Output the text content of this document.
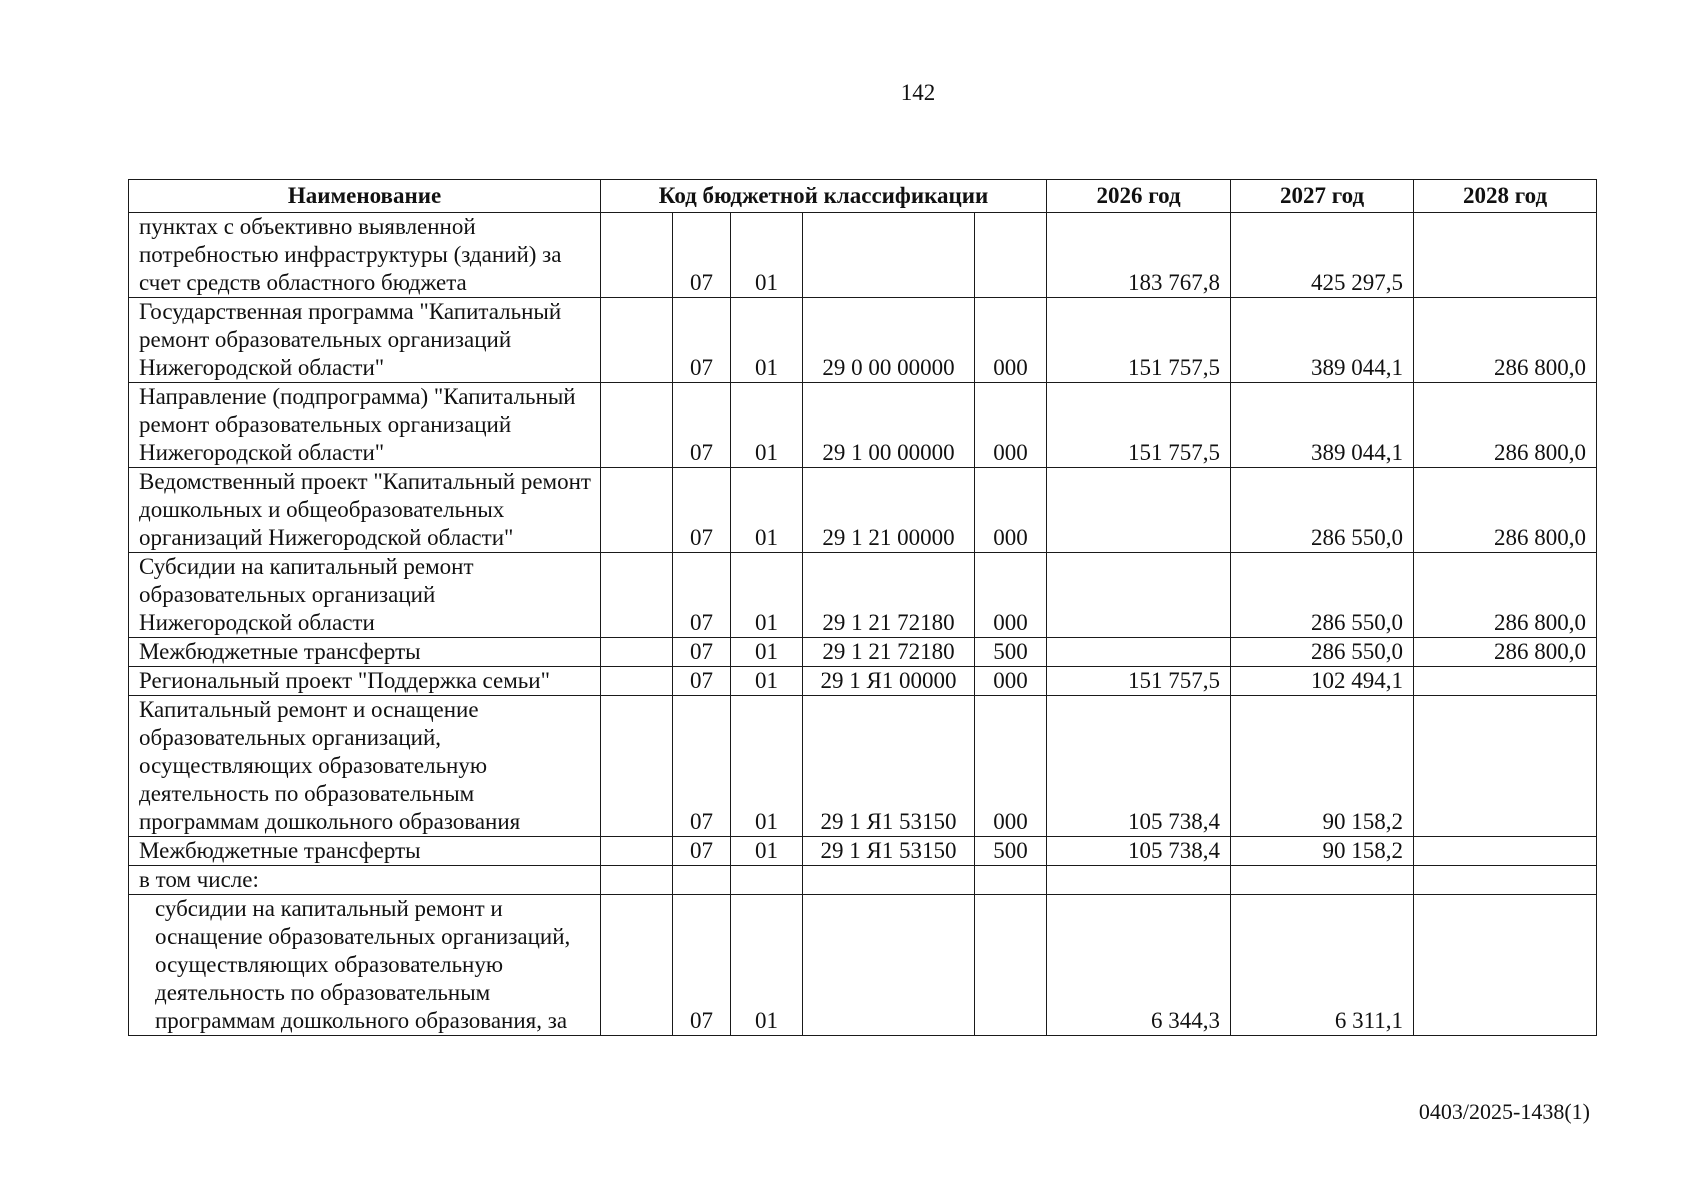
142
Наименование	Код бюджетной классификации					2026 год	2027 год	2028 год
пунктах с объективно выявленной потребностью инфраструктуры (зданий) за счет средств областного бюджета		07	01			183 767,8	425 297,5	
Государственная программа "Капитальный ремонт образовательных организаций Нижегородской области"		07	01	29 0 00 00000	000	151 757,5	389 044,1	286 800,0
Направление (подпрограмма) "Капитальный ремонт образовательных организаций Нижегородской области"		07	01	29 1 00 00000	000	151 757,5	389 044,1	286 800,0
Ведомственный проект "Капитальный ремонт дошкольных и общеобразовательных организаций Нижегородской области"		07	01	29 1 21 00000	000		286 550,0	286 800,0
Субсидии на капитальный ремонт образовательных организаций Нижегородской области		07	01	29 1 21 72180	000		286 550,0	286 800,0
Межбюджетные трансферты		07	01	29 1 21 72180	500		286 550,0	286 800,0
Региональный проект "Поддержка семьи"		07	01	29 1 Я1 00000	000	151 757,5	102 494,1	
Капитальный ремонт и оснащение образовательных организаций, осуществляющих образовательную деятельность по образовательным программам дошкольного образования		07	01	29 1 Я1 53150	000	105 738,4	90 158,2	
Межбюджетные трансферты		07	01	29 1 Я1 53150	500	105 738,4	90 158,2	
в том числе:								
субсидии на капитальный ремонт и оснащение образовательных организаций, осуществляющих образовательную деятельность по образовательным программам дошкольного образования, за		07	01			6 344,3	6 311,1	
0403/2025-1438(1)
